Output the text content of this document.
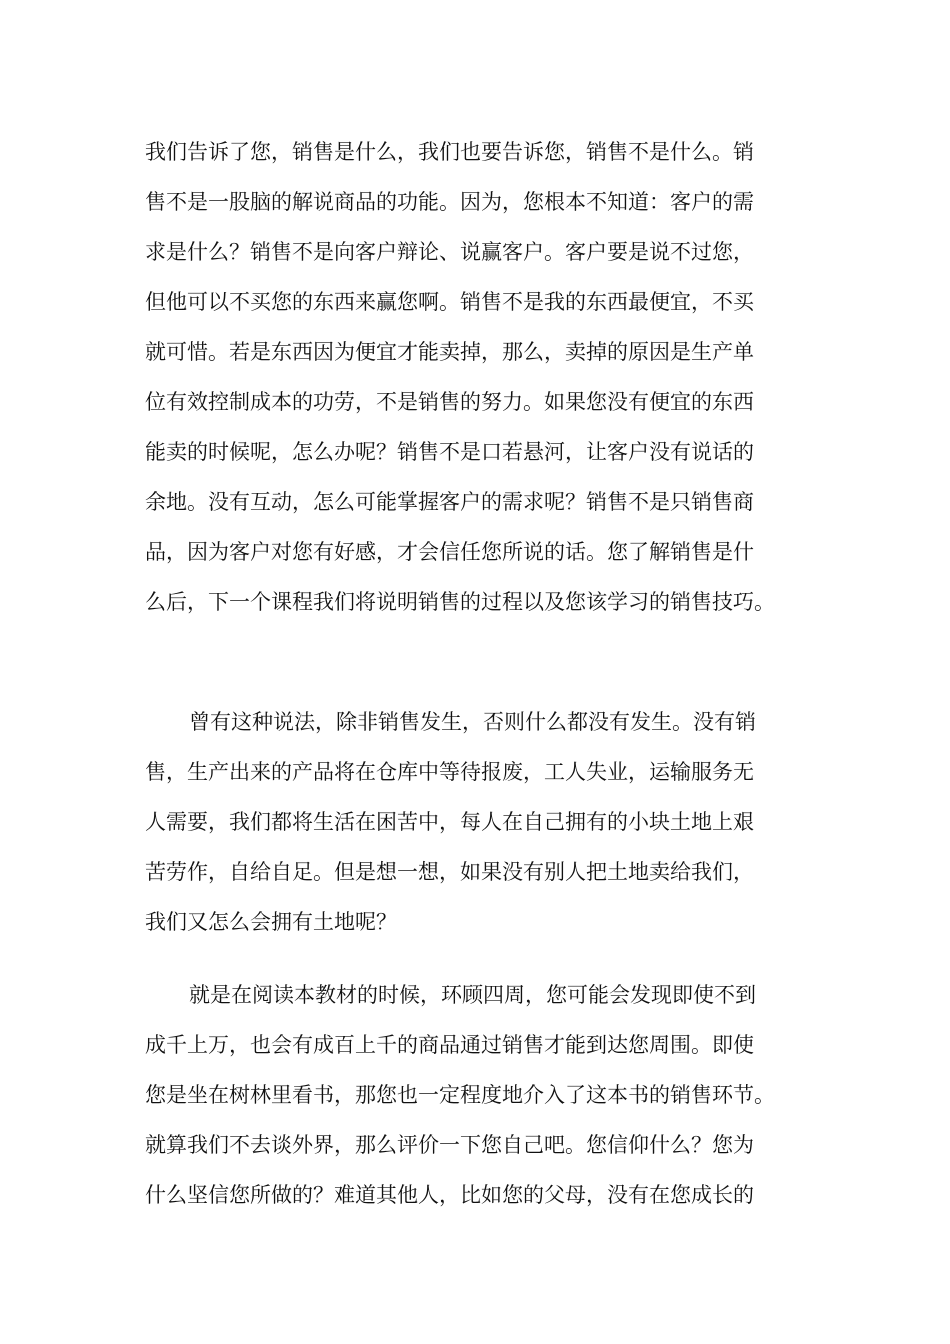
我们告诉了您，销售是什么，我们也要告诉您，销售不是什么。销
售不是一股脑的解说商品的功能。因为，您根本不知道：客户的需
求是什么？销售不是向客户辩论、说赢客户。客户要是说不过您，
但他可以不买您的东西来赢您啊。销售不是我的东西最便宜，不买
就可惜。若是东西因为便宜才能卖掉，那么，卖掉的原因是生产单
位有效控制成本的功劳，不是销售的努力。如果您没有便宜的东西
能卖的时候呢，怎么办呢？销售不是口若悬河，让客户没有说话的
余地。没有互动，怎么可能掌握客户的需求呢？销售不是只销售商
品，因为客户对您有好感，才会信任您所说的话。您了解销售是什
么后，下一个课程我们将说明销售的过程以及您该学习的销售技巧。
曾有这种说法，除非销售发生，否则什么都没有发生。没有销
售，生产出来的产品将在仓库中等待报废，工人失业，运输服务无
人需要，我们都将生活在困苦中，每人在自己拥有的小块土地上艰
苦劳作，自给自足。但是想一想，如果没有别人把土地卖给我们，
我们又怎么会拥有土地呢？
就是在阅读本教材的时候，环顾四周，您可能会发现即使不到
成千上万，也会有成百上千的商品通过销售才能到达您周围。即使
您是坐在树林里看书，那您也一定程度地介入了这本书的销售环节。
就算我们不去谈外界，那么评价一下您自己吧。您信仰什么？您为
什么坚信您所做的？难道其他人，比如您的父母，没有在您成长的
